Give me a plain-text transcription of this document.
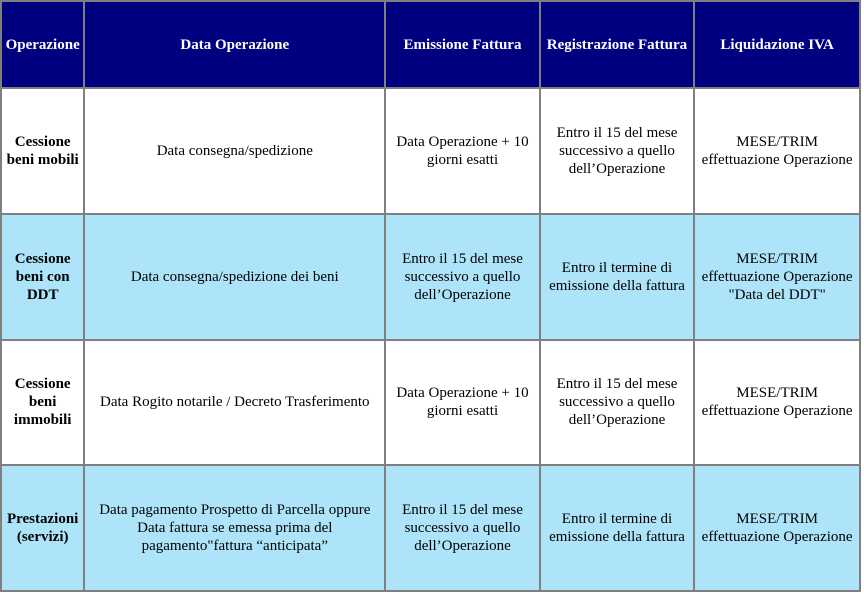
Operazione	Data Operazione	Emissione Fattura	Registrazione Fattura	Liquidazione IVA
Cessione beni mobili	Data consegna/spedizione	Data Operazione + 10 giorni esatti	Entro il 15 del mese successivo a quello dell’Operazione	MESE/TRIM effettuazione Operazione
Cessione beni con DDT	Data consegna/spedizione dei beni	Entro il 15 del mese successivo a quello dell’Operazione	Entro il termine di emissione della fattura	MESE/TRIM effettuazione Operazione "Data del DDT"
Cessione beni immobili	Data Rogito notarile / Decreto Trasferimento	Data Operazione + 10 giorni esatti	Entro il 15 del mese successivo a quello dell’Operazione	MESE/TRIM effettuazione Operazione
Prestazioni (servizi)	Data pagamento Prospetto di Parcella oppure Data fattura se emessa prima del pagamento"fattura “anticipata”	Entro il 15 del mese successivo a quello dell’Operazione	Entro il termine di emissione della fattura	MESE/TRIM effettuazione Operazione
